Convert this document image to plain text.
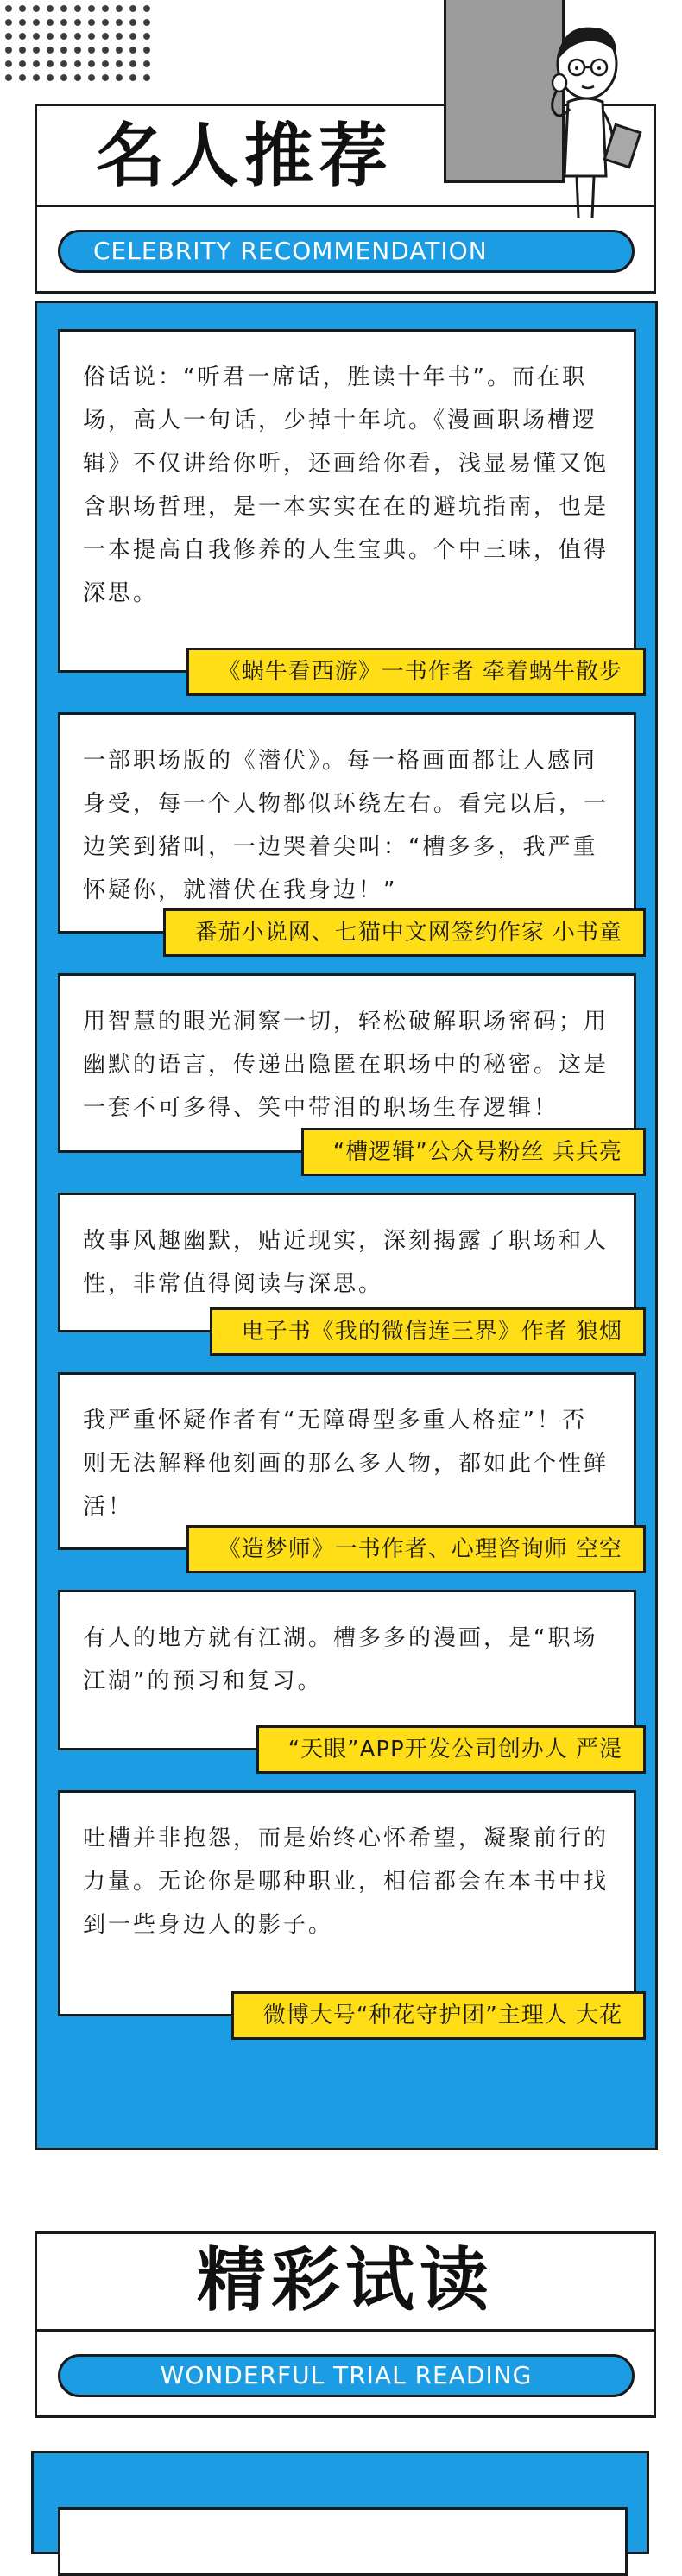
名人推荐
CELEBRITY RECOMMENDATION
俗话说：“听君一席话，胜读十年书”。而在职场，高人一句话，少掉十年坑。《漫画职场槽逻辑》不仅讲给你听，还画给你看，浅显易懂又饱含职场哲理，是一本实实在在的避坑指南，也是一本提高自我修养的人生宝典。个中三味，值得深思。
《蜗牛看西游》一书作者 牵着蜗牛散步
一部职场版的《潜伏》。每一格画面都让人感同身受，每一个人物都似环绕左右。看完以后，一边笑到猪叫，一边哭着尖叫：“槽多多，我严重怀疑你，就潜伏在我身边！”
番茄小说网、七猫中文网签约作家 小书童
用智慧的眼光洞察一切，轻松破解职场密码；用幽默的语言，传递出隐匿在职场中的秘密。这是一套不可多得、笑中带泪的职场生存逻辑！
“槽逻辑”公众号粉丝 兵兵亮
故事风趣幽默，贴近现实，深刻揭露了职场和人性，非常值得阅读与深思。
电子书《我的微信连三界》作者 狼烟
我严重怀疑作者有“无障碍型多重人格症”！否则无法解释他刻画的那么多人物，都如此个性鲜活！
《造梦师》一书作者、心理咨询师 空空
有人的地方就有江湖。槽多多的漫画，是“职场江湖”的预习和复习。
“天眼”APP开发公司创办人 严湜
吐槽并非抱怨，而是始终心怀希望，凝聚前行的力量。无论你是哪种职业，相信都会在本书中找到一些身边人的影子。
微博大号“种花守护团”主理人 大花
精彩试读
WONDERFUL TRIAL READING
